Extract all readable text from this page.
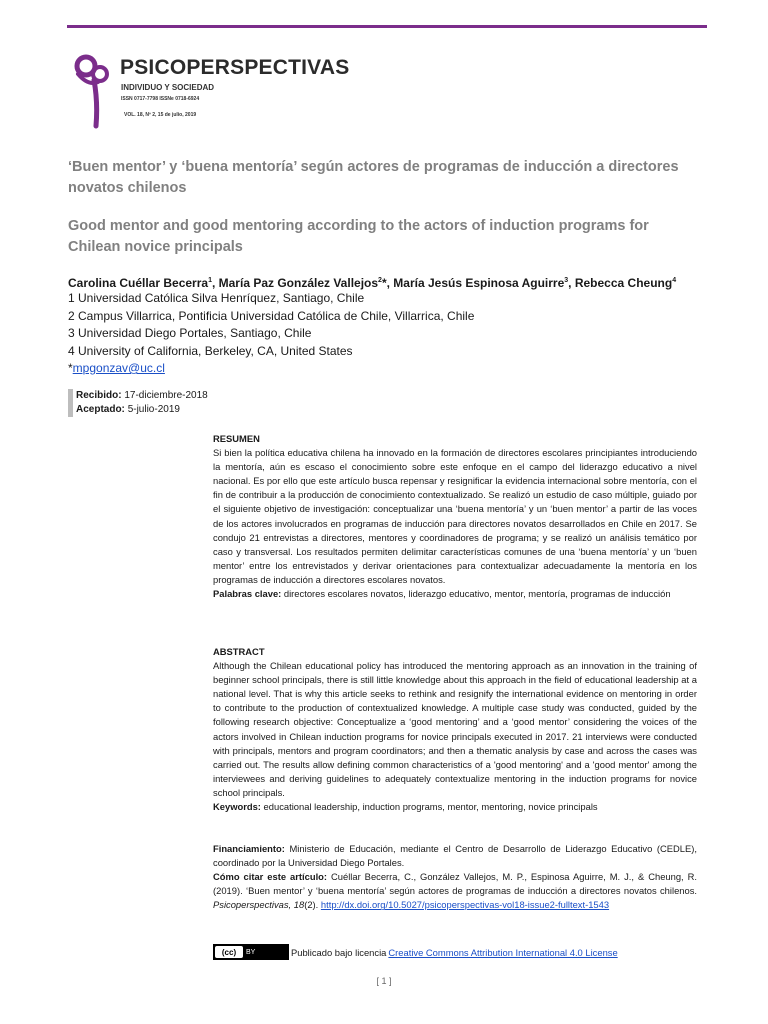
PSICOPERSPECTIVAS
INDIVIDUO Y SOCIEDAD
ISSN 0717-7798 ISSNe 0718-6924
VOL. 18, Nº 2, 15 de julio, 2019
‘Buen mentor’ y ‘buena mentoría’ según actores de programas de inducción a directores novatos chilenos
Good mentor and good mentoring according to the actors of induction programs for Chilean novice principals
Carolina Cuéllar Becerra$^1$, María Paz González Vallejos$^2$*, María Jesús Espinosa Aguirre$^3$, Rebecca Cheung$^4$
1 Universidad Católica Silva Henríquez, Santiago, Chile
2 Campus Villarrica, Pontificia Universidad Católica de Chile, Villarrica, Chile
3 Universidad Diego Portales, Santiago, Chile
4 University of California, Berkeley, CA, United States
*mpgonzav@uc.cl
Recibido: 17-diciembre-2018
Aceptado: 5-julio-2019
RESUMEN

Si bien la política educativa chilena ha innovado en la formación de directores escolares principiantes introduciendo la mentoría, aún es escaso el conocimiento sobre este enfoque en el campo del liderazgo educativo a nivel nacional. Es por ello que este artículo busca repensar y resignificar la evidencia internacional sobre mentoría, con el fin de contribuir a la producción de conocimiento contextualizado. Se realizó un estudio de caso múltiple, guiado por el siguiente objetivo de investigación: conceptualizar una ‘buena mentoría’ y un ‘buen mentor’ a partir de las voces de los actores involucrados en programas de inducción para directores novatos desarrollados en Chile en 2017. Se condujo 21 entrevistas a directores, mentores y coordinadores de programa; y se realizó un análisis temático por caso y transversal. Los resultados permiten delimitar características comunes de una ‘buena mentoría’ y un ‘buen mentor’ entre los entrevistados y derivar orientaciones para contextualizar adecuadamente la mentoría en los programas de inducción a directores escolares novatos.

Palabras clave: directores escolares novatos, liderazgo educativo, mentor, mentoría, programas de inducción

ABSTRACT

Although the Chilean educational policy has introduced the mentoring approach as an innovation in the training of beginner school principals, there is still little knowledge about this approach in the field of educational leadership at a national level. That is why this article seeks to rethink and resignify the international evidence on mentoring in order to contribute to the production of contextualized knowledge. A multiple case study was conducted, guided by the following research objective: Conceptualize a ‘good mentoring’ and a ‘good mentor’ considering the voices of the actors involved in Chilean induction programs for novice principals executed in 2017. 21 interviews were conducted with principals, mentors and program coordinators; and then a thematic analysis by case and across the cases was carried out. The results allow defining common characteristics of a 'good mentoring' and a 'good mentor' among the interviewees and deriving guidelines to adequately contextualize mentoring in the induction programs for novice school principals.

Keywords: educational leadership, induction programs, mentor, mentoring, novice principals

Financiamiento: Ministerio de Educación, mediante el Centro de Desarrollo de Liderazgo Educativo (CEDLE), coordinado por la Universidad Diego Portales.

Cómo citar este artículo: Cuéllar Becerra, C., González Vallejos, M. P., Espinosa Aguirre, M. J., & Cheung, R. (2019). ‘Buen mentor’ y ‘buena mentoría’ según actores de programas de inducción a directores novatos chilenos. Psicoperspectivas, 18(2). http://dx.doi.org/10.5027/psicoperspectivas-vol18-issue2-fulltext-1543

(cc)	BY	Publicado bajo licencia Creative Commons Attribution International 4.0 License
[ 1 ]
